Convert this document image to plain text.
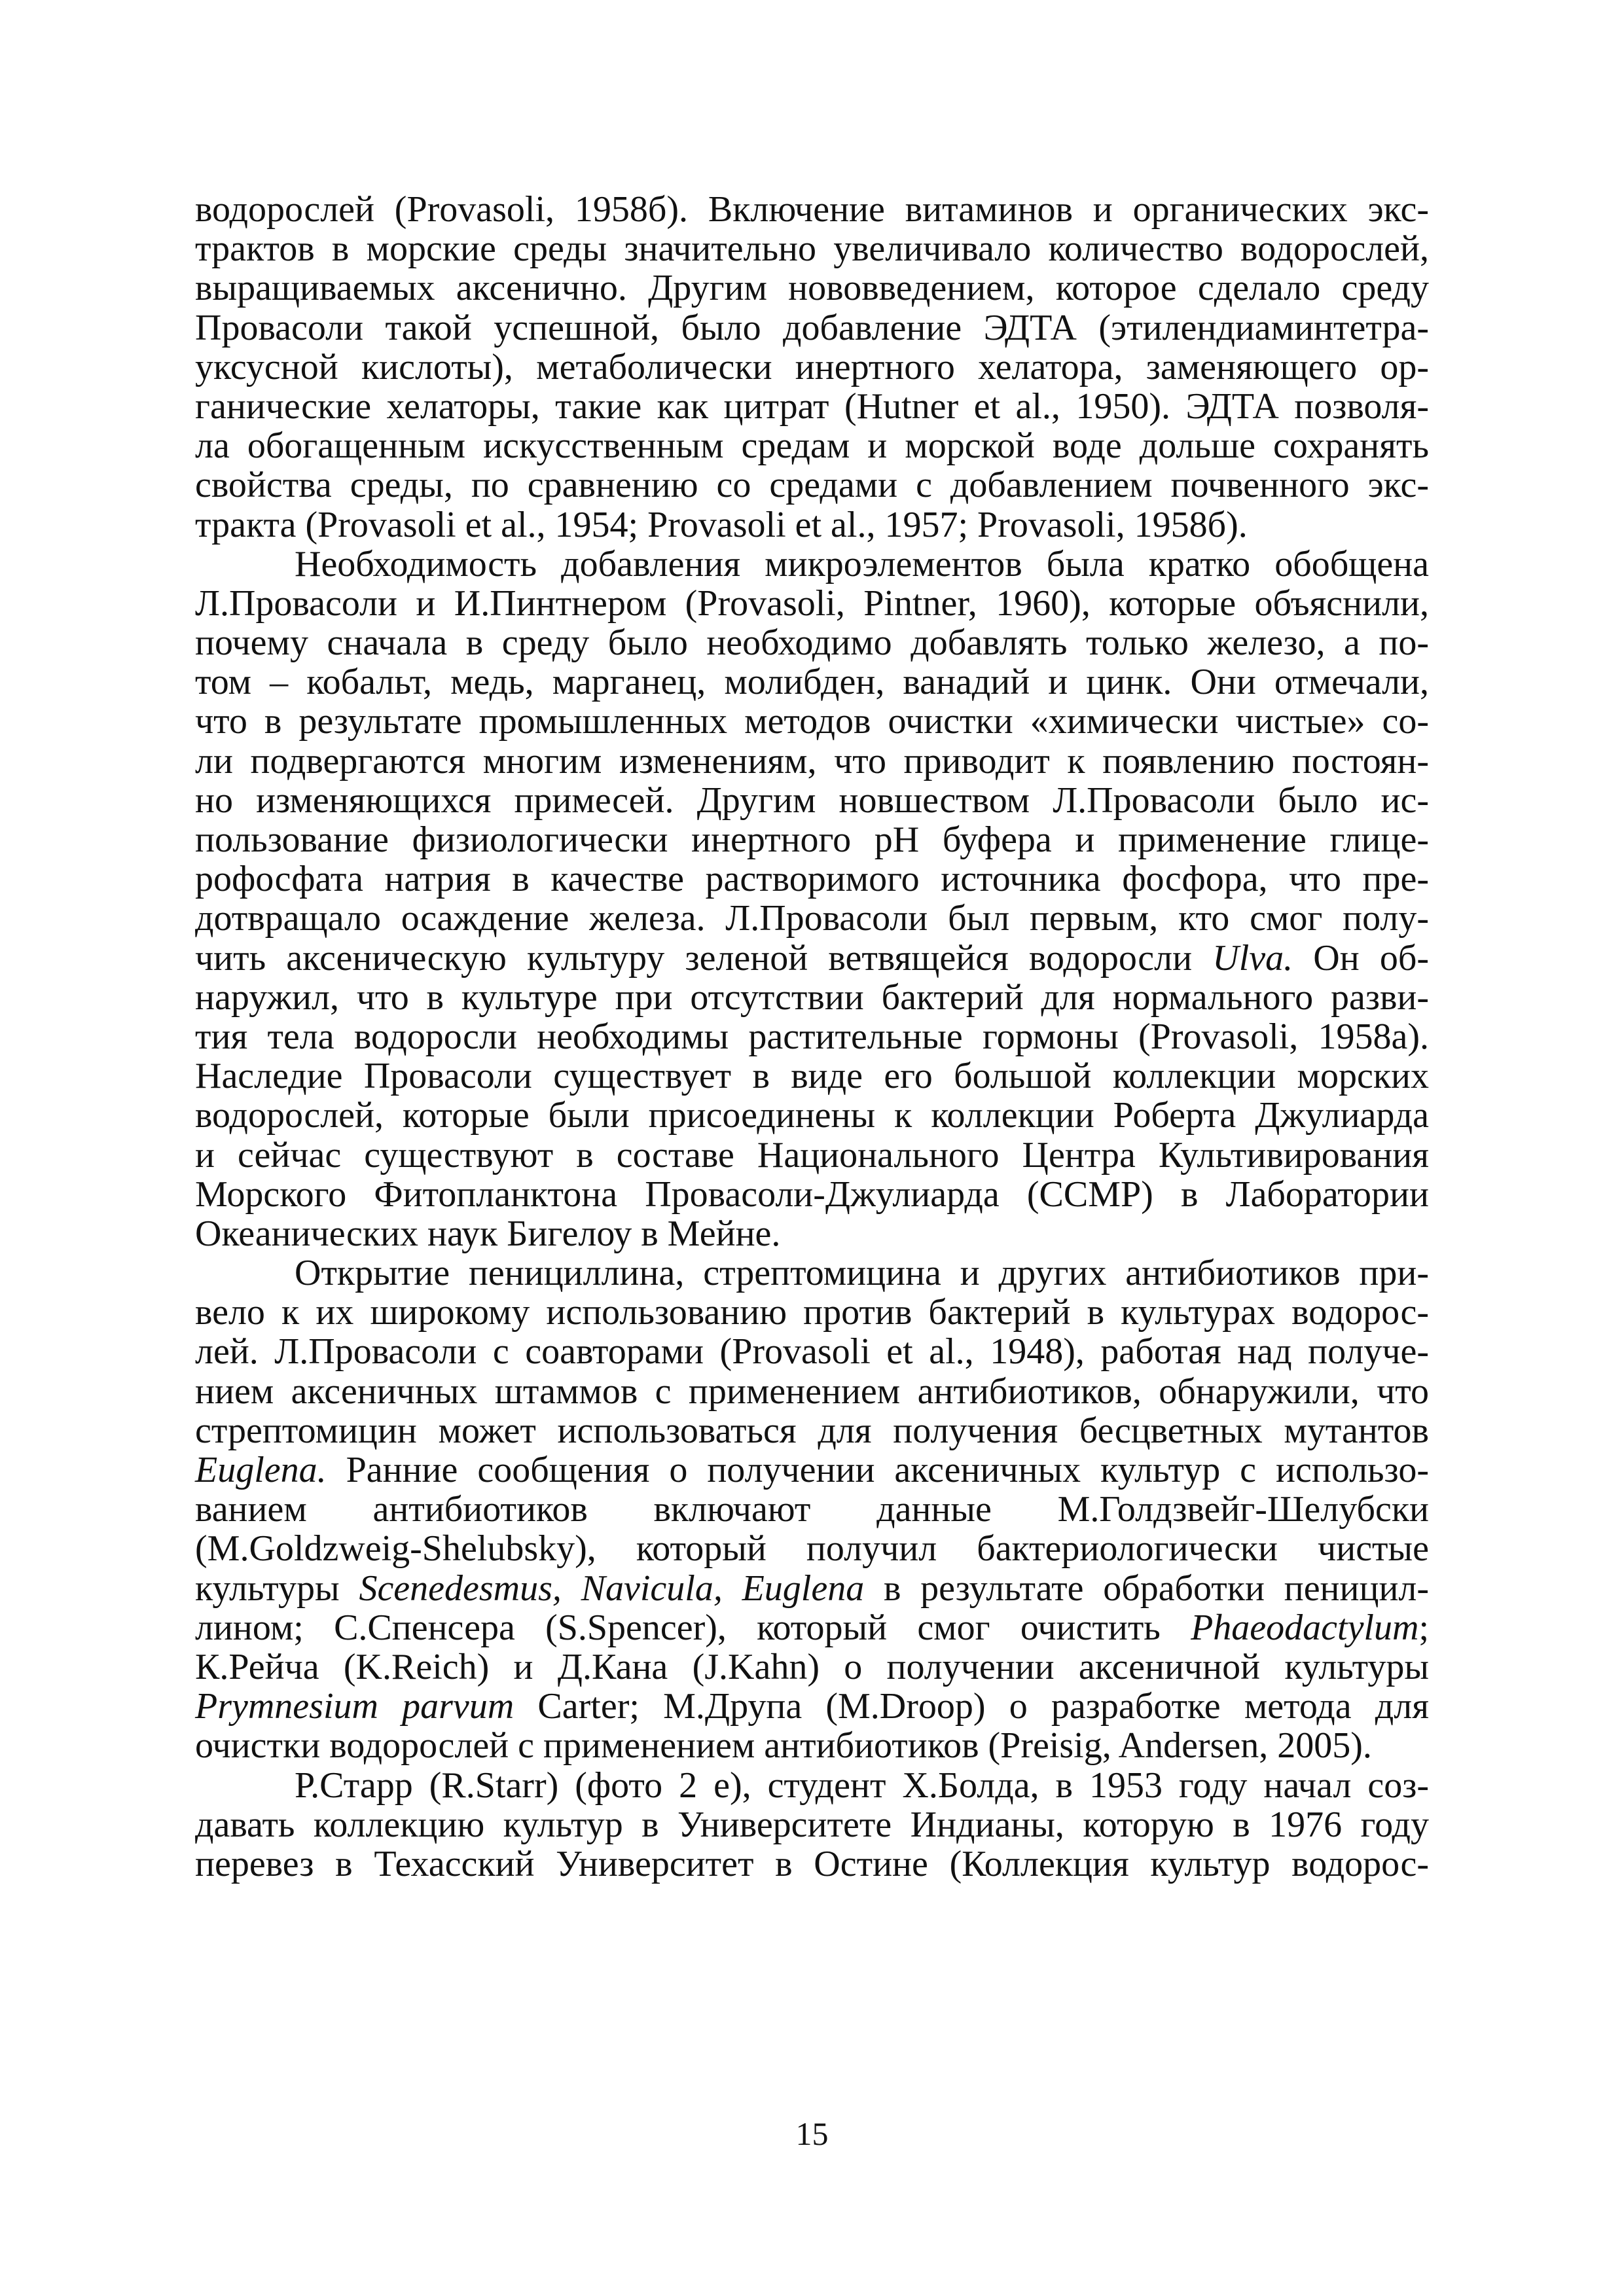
водорослей (Provasoli, 1958б). Включение витаминов и органических экс-
трактов в морские среды значительно увеличивало количество водорослей,
выращиваемых аксенично. Другим нововведением, которое сделало среду
Провасоли такой успешной, было добавление ЭДТА (этилендиаминтетра-
уксусной кислоты), метаболически инертного хелатора, заменяющего ор-
ганические хелаторы, такие как цитрат (Hutner et al., 1950). ЭДТА позволя-
ла обогащенным искусственным средам и морской воде дольше сохранять
свойства среды, по сравнению со средами с добавлением почвенного экс-
тракта (Provasoli et al., 1954; Provasoli et al., 1957; Provasoli, 1958б).
Необходимость добавления микроэлементов была кратко обобщена
Л.Провасоли и И.Пинтнером (Provasoli, Pintner, 1960), которые объяснили,
почему сначала в среду было необходимо добавлять только железо, а по-
том – кобальт, медь, марганец, молибден, ванадий и цинк. Они отмечали,
что в результате промышленных методов очистки «химически чистые» со-
ли подвергаются многим изменениям, что приводит к появлению постоян-
но изменяющихся примесей. Другим новшеством Л.Провасоли было ис-
пользование физиологически инертного рН буфера и применение глице-
рофосфата натрия в качестве растворимого источника фосфора, что пре-
дотвращало осаждение железа. Л.Провасоли был первым, кто смог полу-
чить аксеническую культуру зеленой ветвящейся водоросли Ulva. Он об-
наружил, что в культуре при отсутствии бактерий для нормального разви-
тия тела водоросли необходимы растительные гормоны (Provasoli, 1958а).
Наследие Провасоли существует в виде его большой коллекции морских
водорослей, которые были присоединены к коллекции Роберта Джулиарда
и сейчас существуют в составе Национального Центра Культивирования
Морского Фитопланктона Провасоли-Джулиарда (CCMP) в Лаборатории
Океанических наук Бигелоу в Мейне.
Открытие пенициллина, стрептомицина и других антибиотиков при-
вело к их широкому использованию против бактерий в культурах водорос-
лей. Л.Провасоли с соавторами (Provasoli et al., 1948), работая над получе-
нием аксеничных штаммов с применением антибиотиков, обнаружили, что
стрептомицин может использоваться для получения бесцветных мутантов
Euglena. Ранние сообщения о получении аксеничных культур с использо-
ванием антибиотиков включают данные М.Голдзвейг-Шелубски
(M.Goldzweig-Shelubsky), который получил бактериологически чистые
культуры Scenedesmus, Navicula, Euglena в результате обработки пеницил-
лином; С.Спенсера (S.Spencer), который смог очистить Phaeodactylum;
К.Рейча (K.Reich) и Д.Кана (J.Kahn) о получении аксеничной культуры
Prymnesium parvum Carter; М.Друпа (M.Droop) о разработке метода для
очистки водорослей с применением антибиотиков (Preisig, Andersen, 2005).
Р.Старр (R.Starr) (фото 2 е), студент Х.Болда, в 1953 году начал соз-
давать коллекцию культур в Университете Индианы, которую в 1976 году
перевез в Техасский Университет в Остине (Коллекция культур водорос-
15
